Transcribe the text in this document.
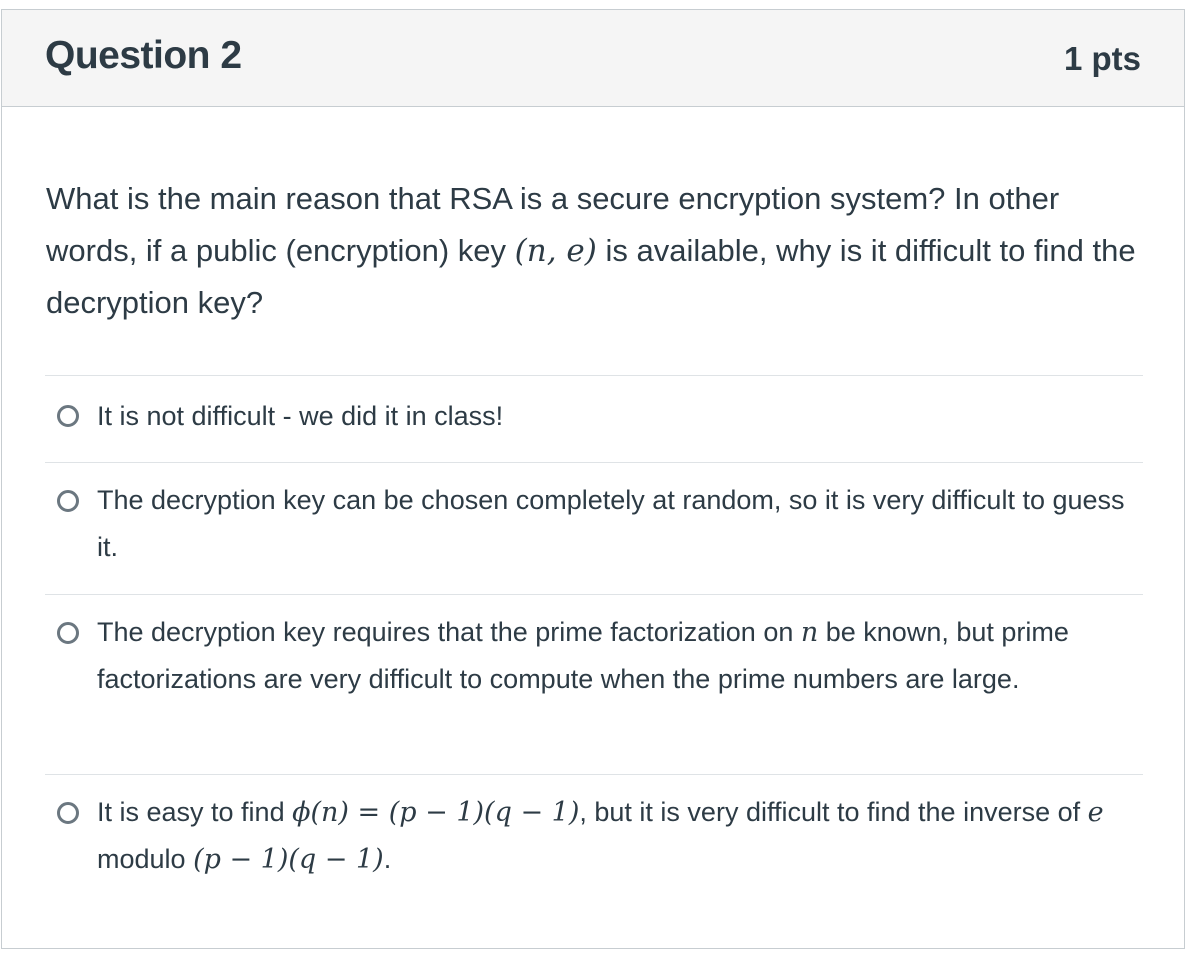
Question 2	1 pts
What is the main reason that RSA is a secure encryption system? In other words, if a public (encryption) key (n, e) is available, why is it difficult to find the decryption key?
It is not difficult - we did it in class!
The decryption key can be chosen completely at random, so it is very difficult to guess it.
The decryption key requires that the prime factorization on n be known, but prime factorizations are very difficult to compute when the prime numbers are large.
It is easy to find ϕ(n) = (p − 1)(q − 1), but it is very difficult to find the inverse of e modulo (p − 1)(q − 1).
